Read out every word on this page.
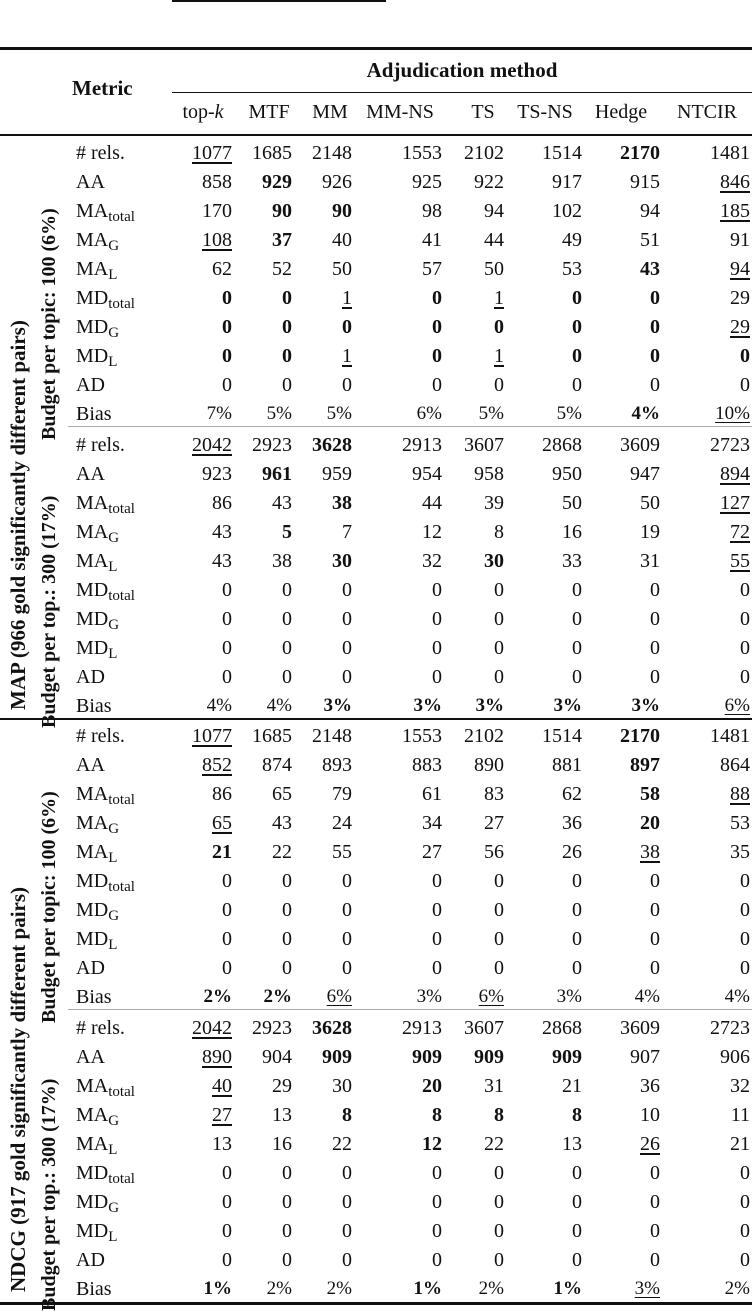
Metric
Adjudication method
top-k	MTF	MM MM-NS	TS	TS-NS	Hedge	NTCIR
MAP (966 gold significantly different pairs) Budget per topic: 100 (6%)
# rels.	1077 1685 2148	1553 2102 1514 2170	1481
AA	858 929 926	925 922 917 915	846
$MA_{total}$	170 90 90	98 94 102	94	185
$MA_G$	108 37 40	41 44	49	51	91
$MA_L$	62 52 50	57 50	53	43	94
$MD_{total}$	0	0	1	0	1	0	0	29
$MD_G$	0	0	0	0	0	0	0	29
$MD_L$	0	0	1	0	1	0	0	0
AD	0	0	0	0	0	0	0	0
Bias	7% 5% 5%	6% 5%	5%	4%	10%
Budget per top.: 300 (17%)
# rels.	2042 2923 3628	2913 3607 2868 3609	2723
AA	923 961 959	954 958 950 947	894
$MA_{total}$	86 43 38	44 39	50	50	127
$MA_G$	43	5	7	12	8	16	19	72
$MA_L$	43 38 30	32 30	33	31	55
$MD_{total}$	0	0	0	0	0	0	0	0
$MD_G$	0	0	0	0	0	0	0	0
$MD_L$	0	0	0	0	0	0	0	0
AD	0	0	0	0	0	0	0	0
Bias	4% 4% 3%	3% 3%	3%	3%	6%
NDCG (917 gold significantly different pairs) Budget per topic: 100 (6%)
# rels.	1077 1685 2148	1553 2102 1514 2170	1481
AA	852 874 893	883 890 881 897	864
$MA_{total}$	86 65 79	61 83	62	58	88
$MA_G$	65 43 24	34 27	36	20	53
$MA_L$	21 22 55	27 56	26	38	35
$MD_{total}$	0	0	0	0	0	0	0	0
$MD_G$	0	0	0	0	0	0	0	0
$MD_L$	0	0	0	0	0	0	0	0
AD	0	0	0	0	0	0	0	0
Bias	2% 2% 6%	3% 6%	3%	4%	4%
Budget per top.: 300 (17%)
# rels.	2042 2923 3628	2913 3607 2868 3609	2723
AA	890 904 909	909 909 909 907	906
$MA_{total}$	40 29 30	20 31	21	36	32
$MA_G$	27 13	8	8	8	8	10	11
$MA_L$	13 16 22	12 22	13	26	21
$MD_{total}$	0	0	0	0	0	0	0	0
$MD_G$	0	0	0	0	0	0	0	0
$MD_L$	0	0	0	0	0	0	0	0
AD	0	0	0	0	0	0	0	0
Bias	1% 2% 2%	1% 2%	1%	3%	2%
